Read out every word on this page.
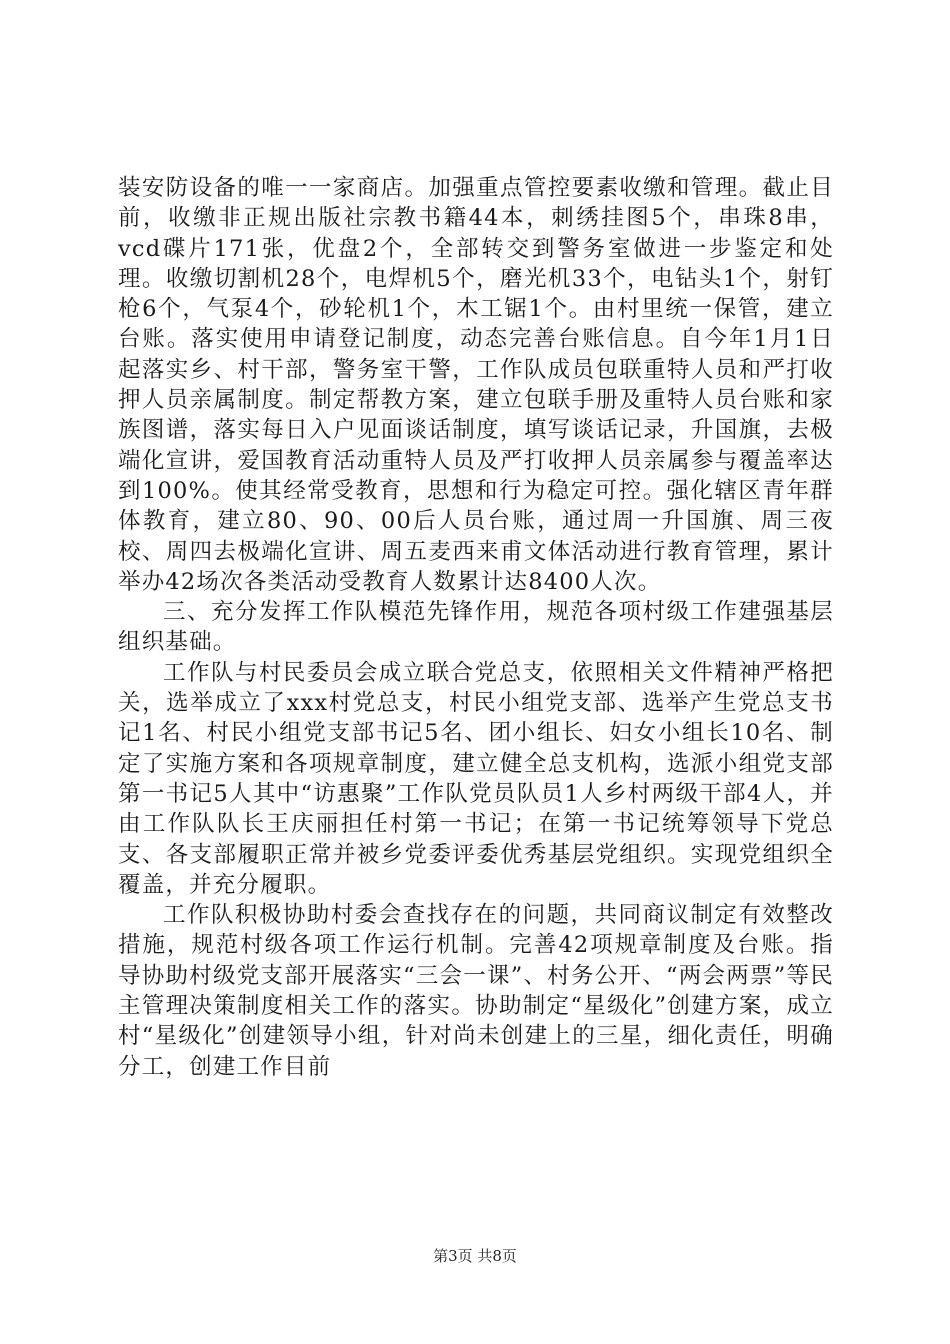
装安防设备的唯一一家商店。加强重点管控要素收缴和管理。截止目前，收缴非正规出版社宗教书籍44本，刺绣挂图5个，串珠8串，vcd碟片171张，优盘2个，全部转交到警务室做进一步鉴定和处理。收缴切割机28个，电焊机5个，磨光机33个，电钻头1个，射钉枪6个，气泵4个，砂轮机1个，木工锯1个。由村里统一保管，建立台账。落实使用申请登记制度，动态完善台账信息。自今年1月1日起落实乡、村干部，警务室干警，工作队成员包联重特人员和严打收押人员亲属制度。制定帮教方案，建立包联手册及重特人员台账和家族图谱，落实每日入户见面谈话制度，填写谈话记录，升国旗，去极端化宣讲，爱国教育活动重特人员及严打收押人员亲属参与覆盖率达到100%。使其经常受教育，思想和行为稳定可控。强化辖区青年群体教育，建立80、90、00后人员台账，通过周一升国旗、周三夜校、周四去极端化宣讲、周五麦西来甫文体活动进行教育管理，累计举办42场次各类活动受教育人数累计达8400人次。

三、充分发挥工作队模范先锋作用，规范各项村级工作建强基层组织基础。

工作队与村民委员会成立联合党总支，依照相关文件精神严格把关，选举成立了xxx村党总支，村民小组党支部、选举产生党总支书记1名、村民小组党支部书记5名、团小组长、妇女小组长10名、制定了实施方案和各项规章制度，建立健全总支机构，选派小组党支部第一书记5人其中“访惠聚”工作队党员队员1人乡村两级干部4人，并由工作队队长王庆丽担任村第一书记；在第一书记统筹领导下党总支、各支部履职正常并被乡党委评委优秀基层党组织。实现党组织全覆盖，并充分履职。

工作队积极协助村委会查找存在的问题，共同商议制定有效整改措施，规范村级各项工作运行机制。完善42项规章制度及台账。指导协助村级党支部开展落实“三会一课”、村务公开、“两会两票”等民主管理决策制度相关工作的落实。协助制定“星级化”创建方案，成立村“星级化”创建领导小组，针对尚未创建上的三星，细化责任，明确分工，创建工作目前

第3页 共8页
